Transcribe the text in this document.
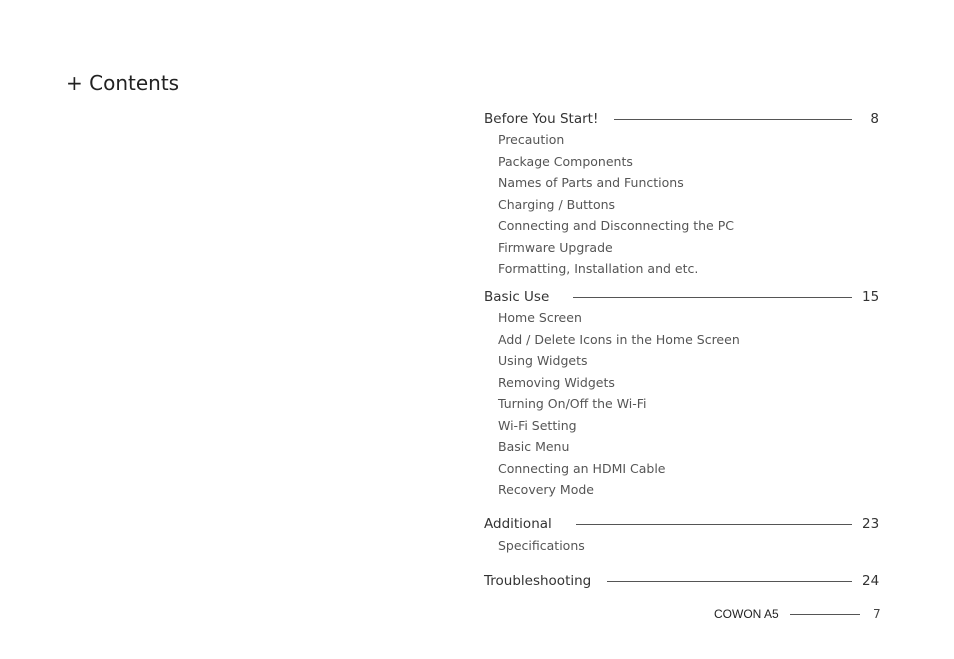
+ Contents
Before You Start!	8
Precaution
Package Components
Names of Parts and Functions
Charging / Buttons
Connecting and Disconnecting the PC
Firmware Upgrade
Formatting, Installation and etc.
Basic Use	15
Home Screen
Add / Delete Icons in the Home Screen
Using Widgets
Removing Widgets
Turning On/Off the Wi-Fi
Wi-Fi Setting
Basic Menu
Connecting an HDMI Cable
Recovery Mode
Additional	23
Specifications
Troubleshooting	24
COWON A5	7
